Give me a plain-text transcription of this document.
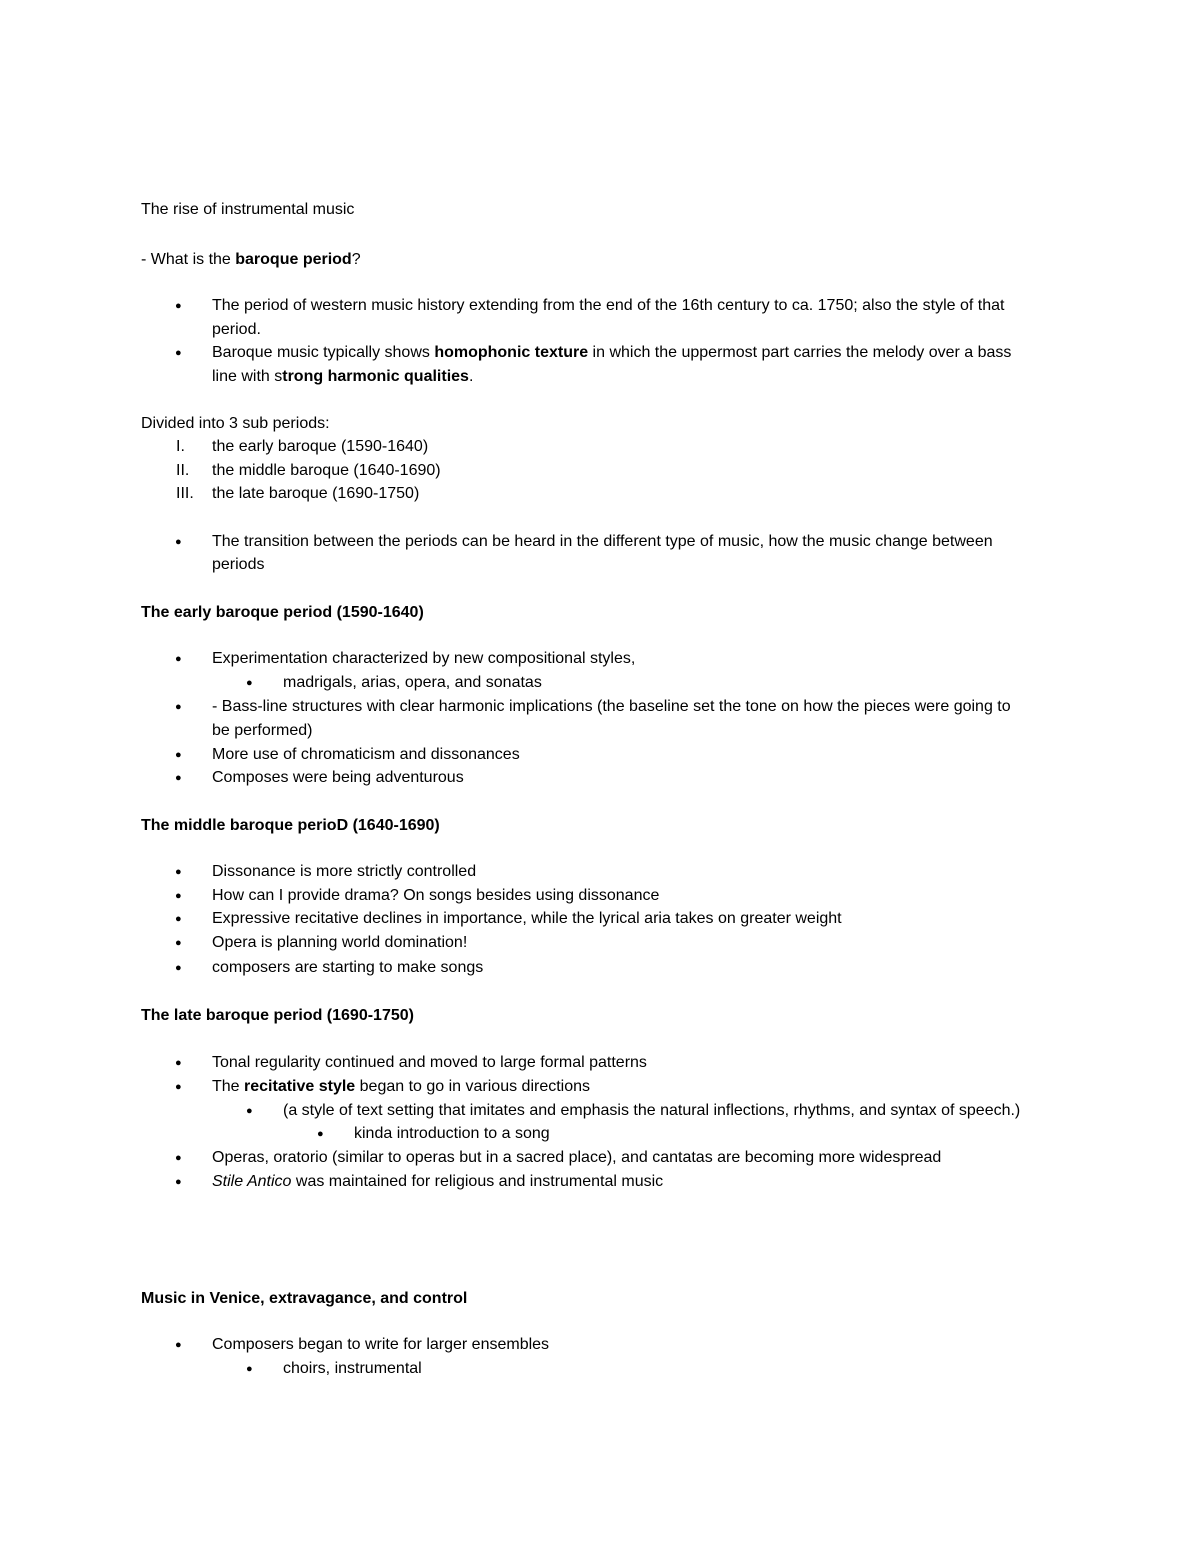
The rise of instrumental music
- What is the baroque period?
● The period of western music history extending from the end of the 16th century to ca. 1750; also the style of that
period.
● Baroque music typically shows homophonic texture in which the uppermost part carries the melody over a bass
line with strong harmonic qualities.
Divided into 3 sub periods:
I. the early baroque (1590-1640)
II. the middle baroque (1640-1690)
III. the late baroque (1690-1750)
● The transition between the periods can be heard in the different type of music, how the music change between
periods
The early baroque period (1590-1640)
● Experimentation characterized by new compositional styles,
● madrigals, arias, opera, and sonatas
● - Bass-line structures with clear harmonic implications (the baseline set the tone on how the pieces were going to
be performed)
● More use of chromaticism and dissonances
● Composes were being adventurous
The middle baroque perioD (1640-1690)
● Dissonance is more strictly controlled
● How can I provide drama? On songs besides using dissonance
● Expressive recitative declines in importance, while the lyrical aria takes on greater weight
● Opera is planning world domination!
● composers are starting to make songs
The late baroque period (1690-1750)
● Tonal regularity continued and moved to large formal patterns
● The recitative style began to go in various directions
● (a style of text setting that imitates and emphasis the natural inflections, rhythms, and syntax of speech.)
● kinda introduction to a song
● Operas, oratorio (similar to operas but in a sacred place), and cantatas are becoming more widespread
● Stile Antico was maintained for religious and instrumental music
Music in Venice, extravagance, and control
● Composers began to write for larger ensembles
● choirs, instrumental
